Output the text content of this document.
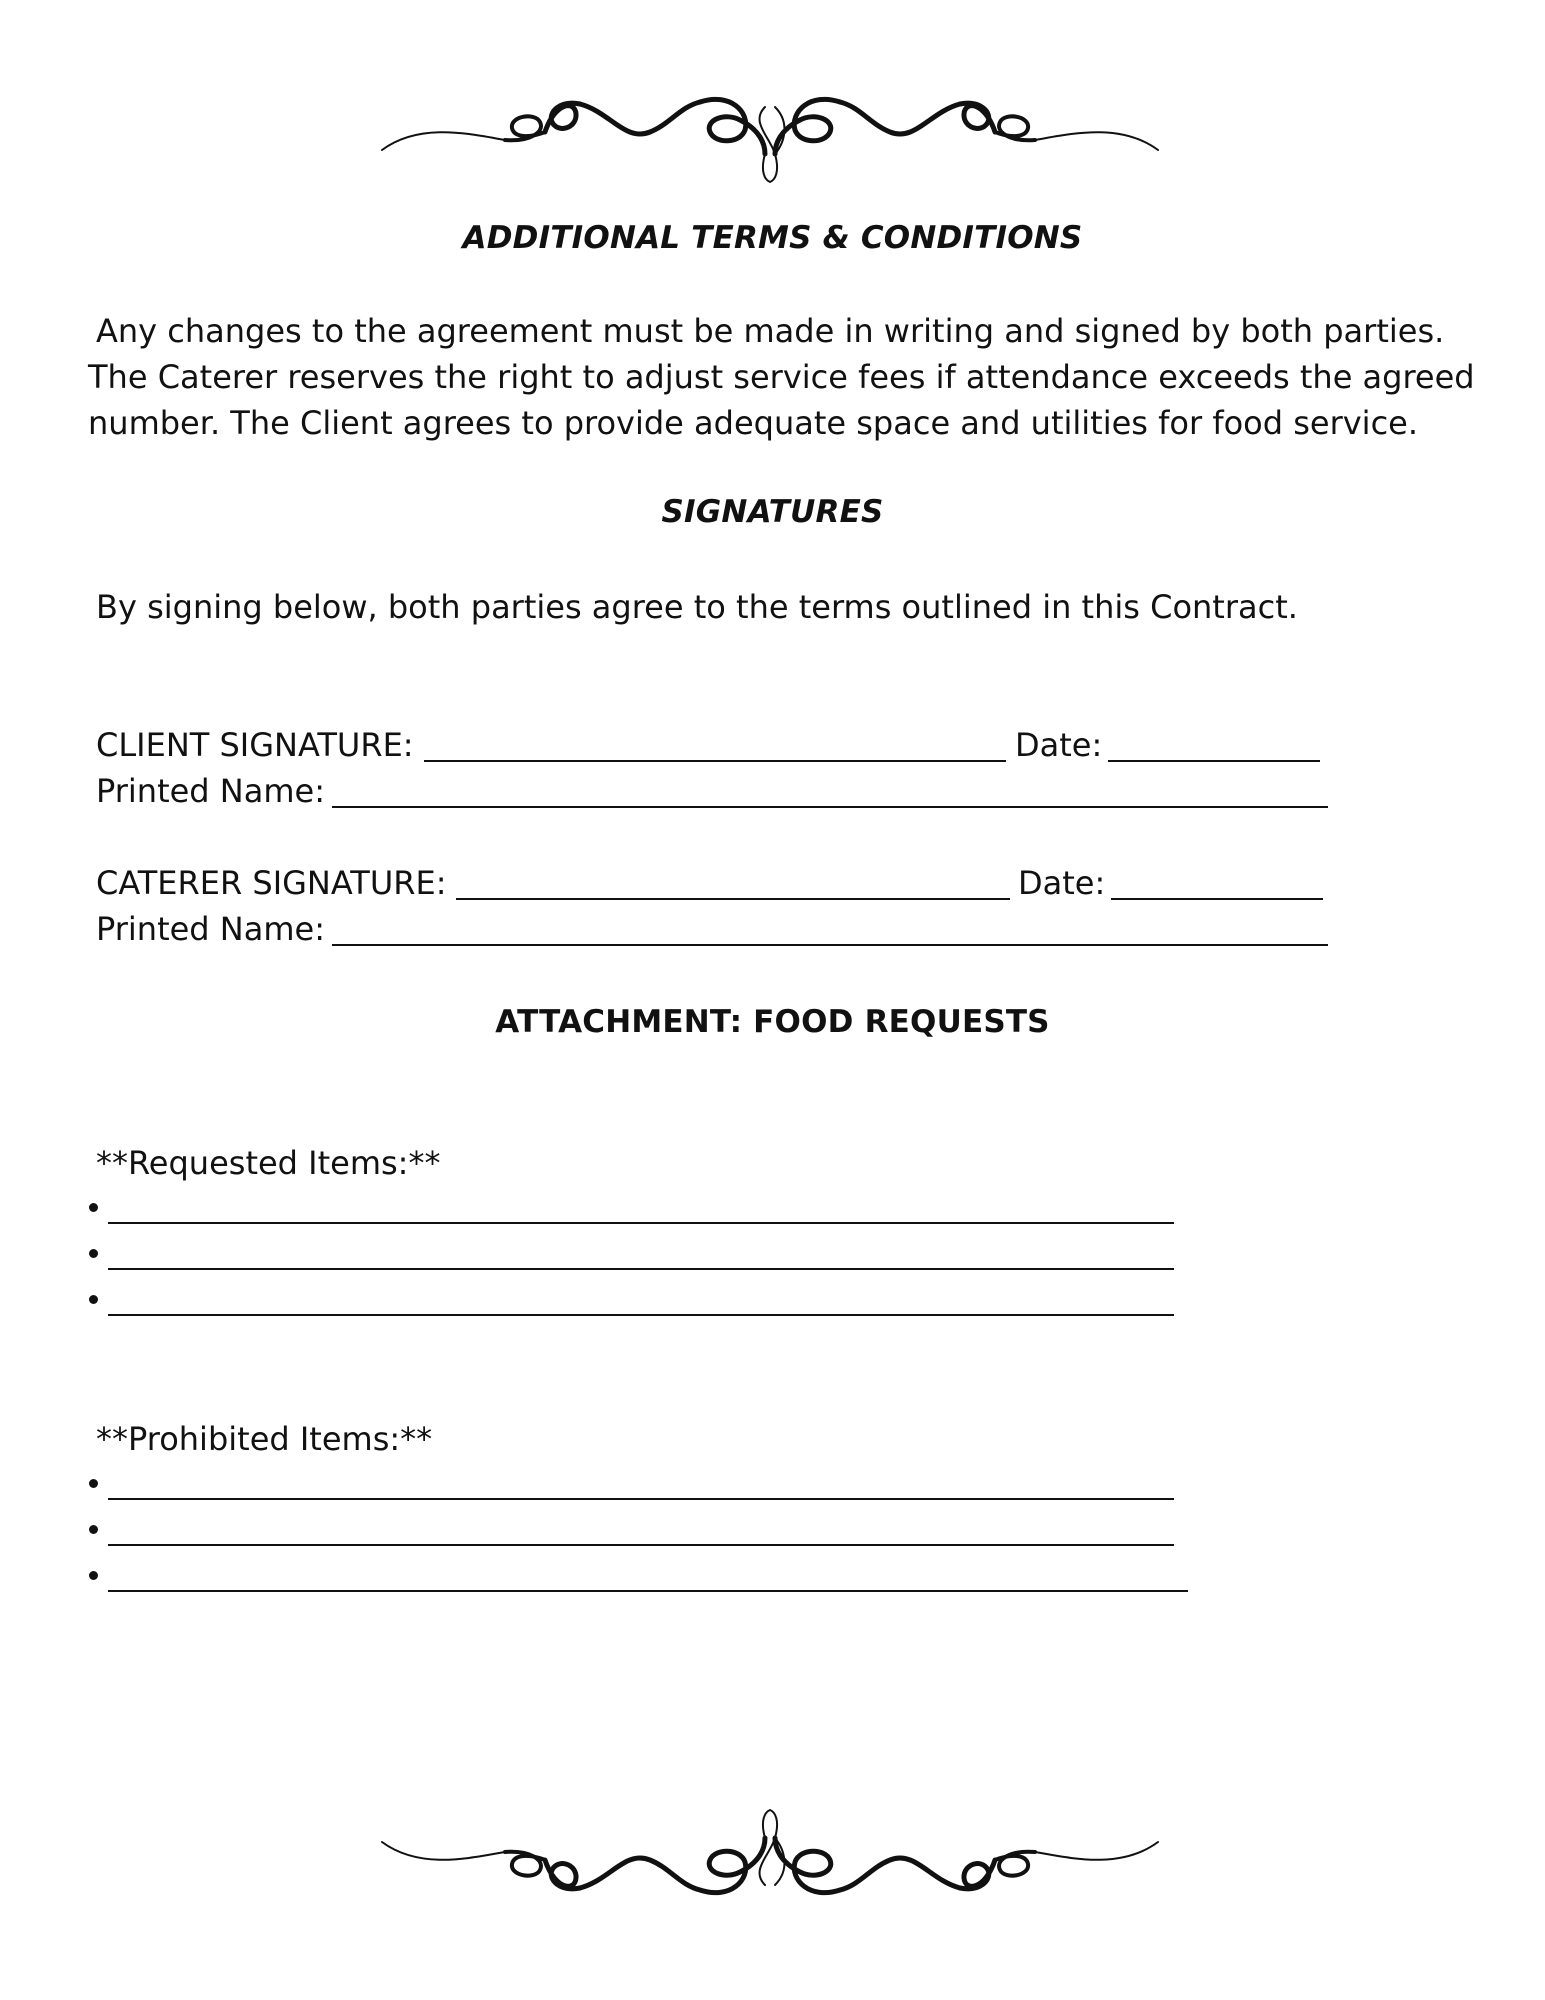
ADDITIONAL TERMS & CONDITIONS
Any changes to the agreement must be made in writing and signed by both parties.
The Caterer reserves the right to adjust service fees if attendance exceeds the agreed
number. The Client agrees to provide adequate space and utilities for food service.
SIGNATURES
By signing below, both parties agree to the terms outlined in this Contract.
CLIENT SIGNATURE:	Date:
Printed Name:
CATERER SIGNATURE:	Date:
Printed Name:
ATTACHMENT: FOOD REQUESTS
**Requested Items:**
**Prohibited Items:**
